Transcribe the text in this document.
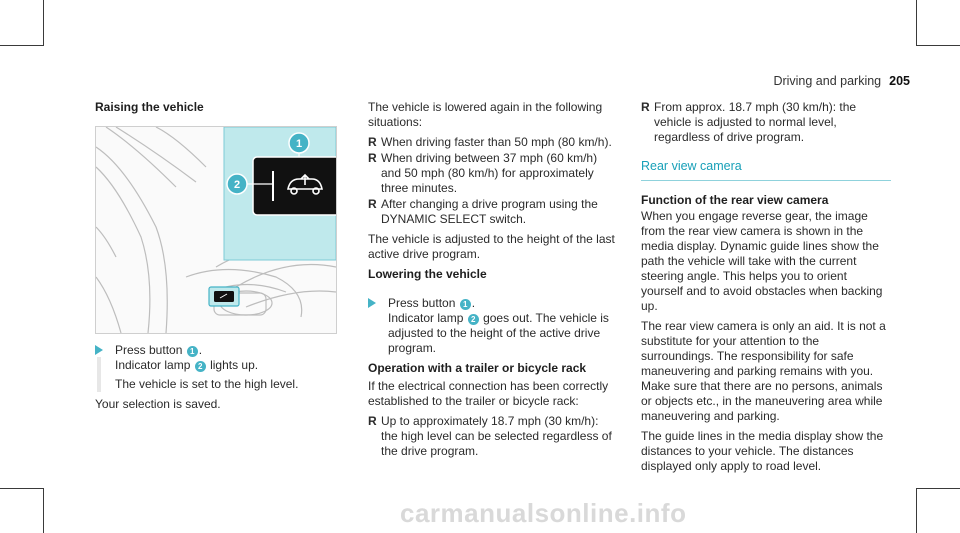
Driving and parking 205
Raising the vehicle
1
2
Press button 1 .
Indicator lamp 2 lights up.
The vehicle is set to the high level.

Your selection is saved.

The vehicle is lowered again in the following situations:

R When driving faster than 50 mph (80 km/h).
R When driving between 37 mph (60 km/h) and 50 mph (80 km/h) for approximately three minutes.
R After changing a drive program using the DYNAMIC SELECT switch.

The vehicle is adjusted to the height of the last active drive program.

Lowering the vehicle
Press button 1 .
Indicator lamp 2 goes out. The vehicle is adjusted to the height of the active drive program.
Operation with a trailer or bicycle rack

If the electrical connection has been correctly established to the trailer or bicycle rack:

R Up to approximately 18.7 mph (30 km/h): the high level can be selected regardless of the drive program.
R From approx. 18.7 mph (30 km/h): the vehicle is adjusted to normal level, regardless of drive program.
Rear view camera
Function of the rear view camera

When you engage reverse gear, the image from the rear view camera is shown in the media display. Dynamic guide lines show the path the vehicle will take with the current steering angle. This helps you to orient yourself and to avoid obstacles when backing up.

The rear view camera is only an aid. It is not a substitute for your attention to the surroundings. The responsibility for safe maneuvering and parking remains with you. Make sure that there are no persons, animals or objects etc., in the maneuvering area while maneuvering and parking.

The guide lines in the media display show the distances to your vehicle. The distances displayed only apply to road level.

carmanualsonline.info
